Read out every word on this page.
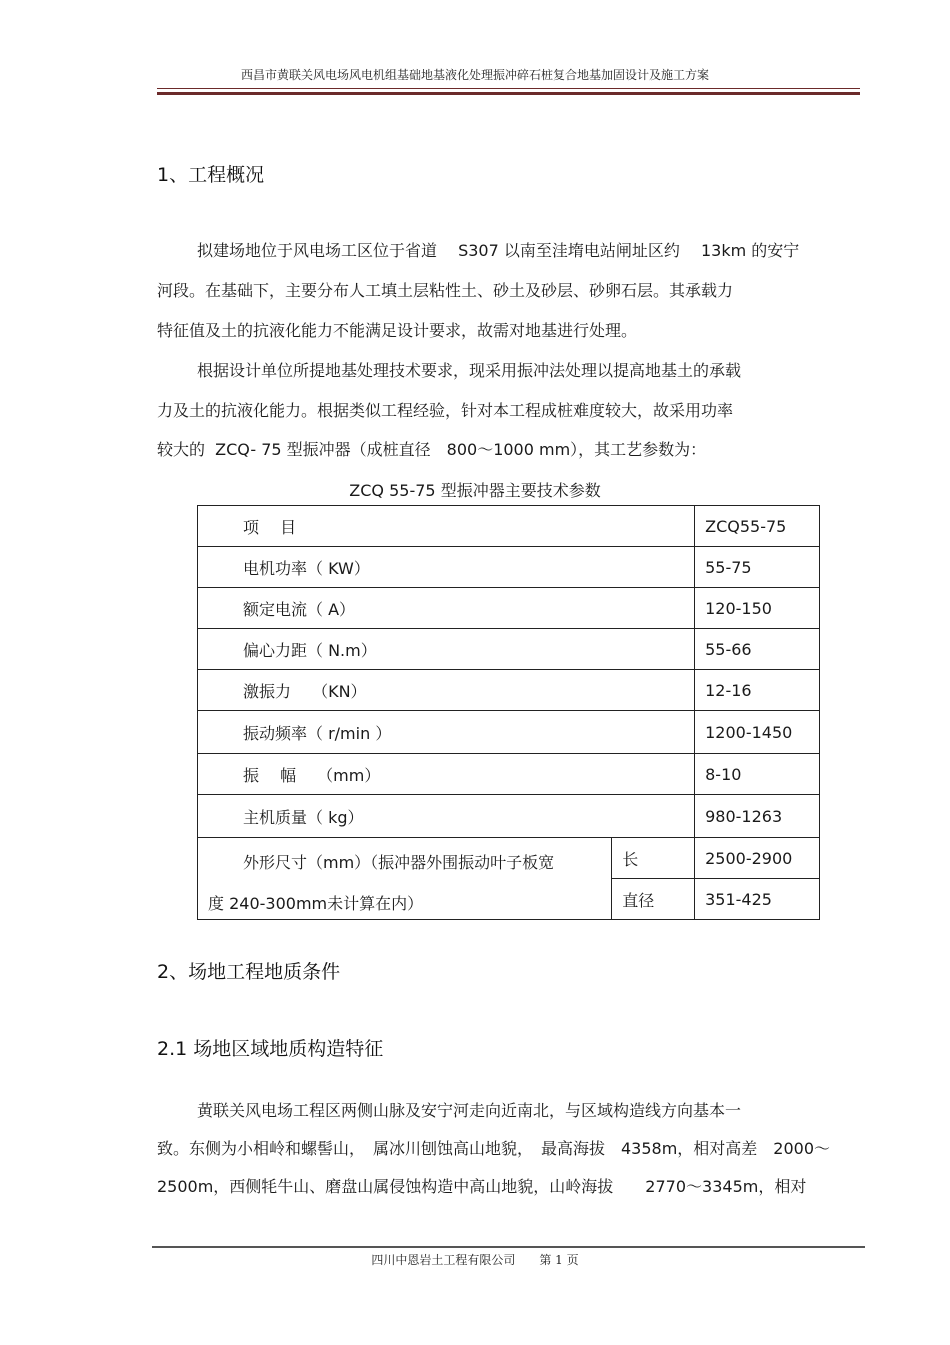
西昌市黄联关风电场风电机组基础地基液化处理振冲碎石桩复合地基加固设计及施工方案
1、工程概况
拟建场地位于风电场工区位于省道　 S307 以南至洼堶电站闸址区约　 13km 的安宁
河段。在基础下，主要分布人工填土层粘性土、砂土及砂层、砂卵石层。其承载力
特征值及土的抗液化能力不能满足设计要求，故需对地基进行处理。
根据设计单位所提地基处理技术要求，现采用振冲法处理以提高地基土的承载
力及土的抗液化能力。根据类似工程经验，针对本工程成桩难度较大，故采用功率
较大的  ZCQ- 75 型振冲器（成桩直径　800～1000 mm），其工艺参数为：
ZCQ 55-75 型振冲器主要技术参数
项　 目		ZCQ55-75
电机功率（ KW）		55-75
额定电流（ A）		120-150
偏心力距（ N.m）		55-66
激振力　 （KN）		12-16
振动频率（ r/min ）		1200-1450
振　 幅　 （mm）		8-10
主机质量（ kg）		980-1263

外形尺寸（mm）（振冲器外围振动叶子板宽
度 240-300mm未计算在内）	长	2500-2900
	直径	351-425
2、场地工程地质条件
2.1 场地区域地质构造特征
黄联关风电场工程区两侧山脉及安宁河走向近南北，与区域构造线方向基本一
致。东侧为小相岭和螺髻山，　属冰川刨蚀高山地貌，　最高海拔　4358m，相对高差　2000～
2500m，西侧牦牛山、磨盘山属侵蚀构造中高山地貌，山岭海拔　　2770～3345m，相对
四川中恩岩土工程有限公司　　第 1 页
